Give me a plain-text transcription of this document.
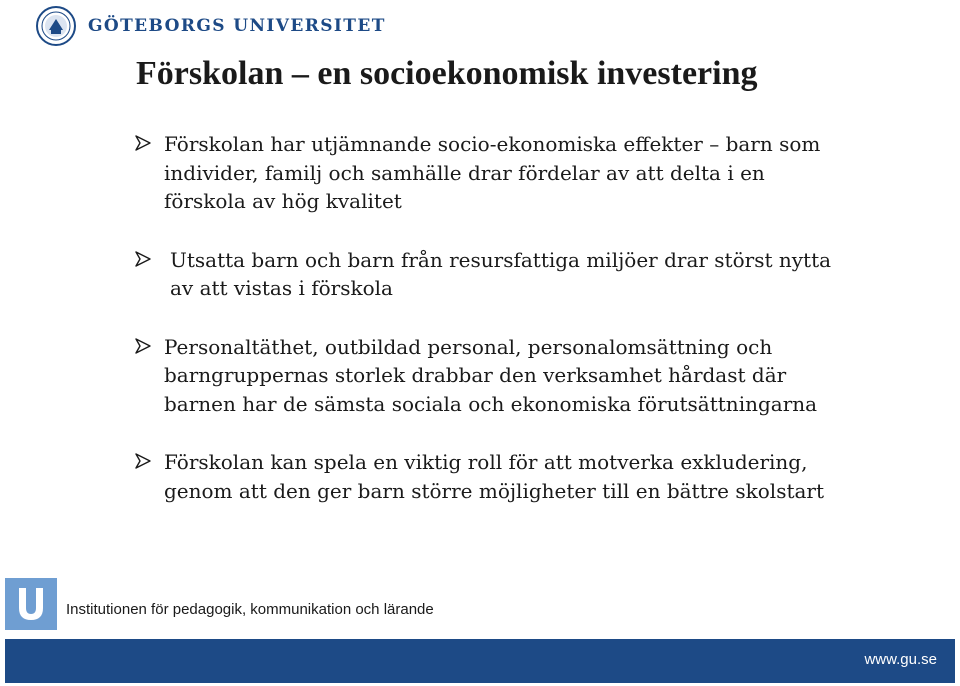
GÖTEBORGS UNIVERSITET
Förskolan – en socioekonomisk investering
Förskolan har utjämnande socio-ekonomiska effekter – barn som individer, familj och samhälle drar fördelar av att delta i en förskola av hög kvalitet
Utsatta barn och barn från resursfattiga miljöer drar störst nytta av att vistas i förskola
Personaltäthet, outbildad personal, personalomsättning och barngruppernas storlek drabbar den verksamhet hårdast där barnen har de sämsta sociala och ekonomiska förutsättningarna
Förskolan kan spela en viktig roll för att motverka exkludering, genom att den ger barn större möjligheter till en bättre skolstart
Institutionen för pedagogik, kommunikation och lärande
www.gu.se
